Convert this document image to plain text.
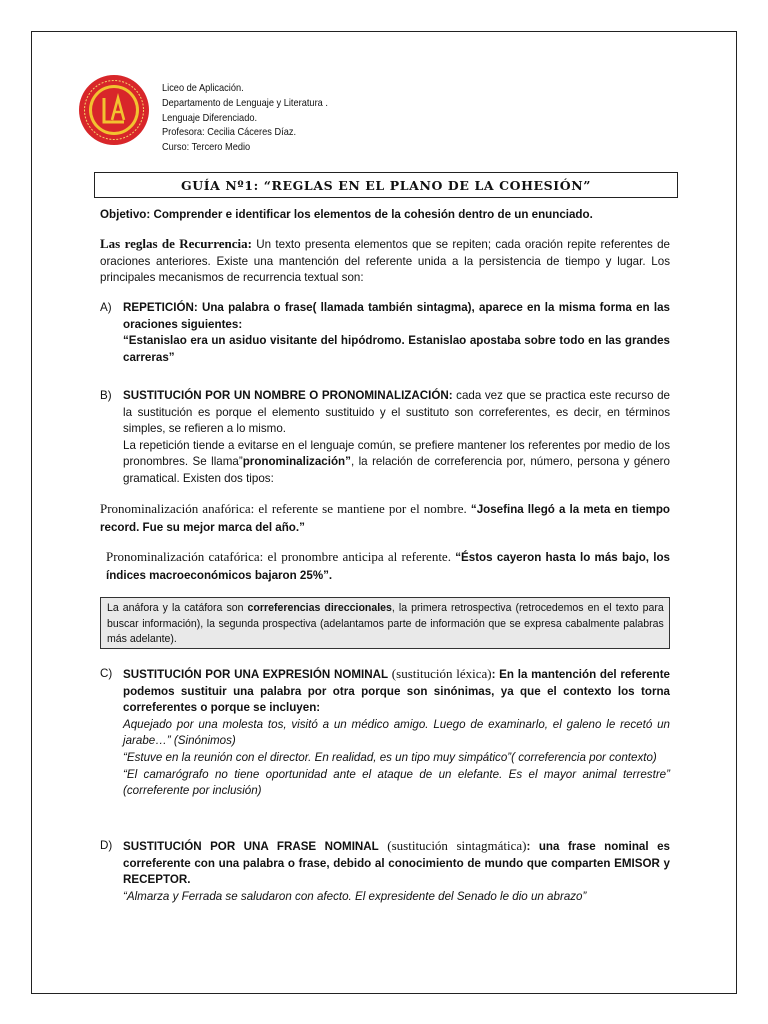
Liceo de Aplicación.
Departamento de Lenguaje y Literatura .
Lenguaje Diferenciado.
Profesora: Cecilia Cáceres Díaz.
Curso: Tercero Medio
GUÍA Nº1: “REGLAS EN EL PLANO DE LA COHESIÓN”
Objetivo: Comprender e identificar los elementos de la cohesión dentro de un enunciado.
Las reglas de Recurrencia: Un texto presenta elementos que se repiten; cada oración repite referentes de oraciones anteriores. Existe una mantención del referente unida a la persistencia de tiempo y lugar. Los principales mecanismos de recurrencia textual son:
A) REPETICIÓN: Una palabra o frase( llamada también sintagma), aparece en la misma forma en las oraciones siguientes:

“Estanislao era un asiduo visitante del hipódromo. Estanislao apostaba sobre todo en las grandes carreras”

B) SUSTITUCIÓN POR UN NOMBRE O PRONOMINALIZACIÓN: cada vez que se practica este recurso de la sustitución es porque el elemento sustituido y el sustituto son correferentes, es decir, en términos simples, se refieren a lo mismo.

La repetición tiende a evitarse en el lenguaje común, se prefiere mantener los referentes por medio de los pronombres. Se llama”pronominalización”, la relación de correferencia por, número, persona y género gramatical. Existen dos tipos:

Pronominalización anafórica: el referente se mantiene por el nombre. “Josefina llegó a la meta en tiempo record. Fue su mejor marca del año.”
Pronominalización catafórica: el pronombre anticipa al referente. “Éstos cayeron hasta lo más bajo, los índices macroeconómicos bajaron 25%”.
La anáfora y la catáfora son correferencias direccionales, la primera retrospectiva (retrocedemos en el texto para buscar información), la segunda prospectiva (adelantamos parte de información que se expresa cabalmente palabras más adelante).
C) SUSTITUCIÓN POR UNA EXPRESIÓN NOMINAL (sustitución léxica): En la mantención del referente podemos sustituir una palabra por otra porque son sinónimas, ya que el contexto los torna correferentes o porque se incluyen:

Aquejado por una molesta tos, visitó a un médico amigo. Luego de examinarlo, el galeno le recetó un jarabe…” (Sinónimos)

“Estuve en la reunión con el director. En realidad, es un tipo muy simpático”( correferencia por contexto)

“El camarógrafo no tiene oportunidad ante el ataque de un elefante. Es el mayor animal terrestre” (correferente por inclusión)

D) SUSTITUCIÓN POR UNA FRASE NOMINAL (sustitución sintagmática): una frase nominal es correferente con una palabra o frase, debido al conocimiento de mundo que comparten EMISOR y RECEPTOR.

“Almarza y Ferrada se saludaron con afecto. El expresidente del Senado le dio un abrazo”
